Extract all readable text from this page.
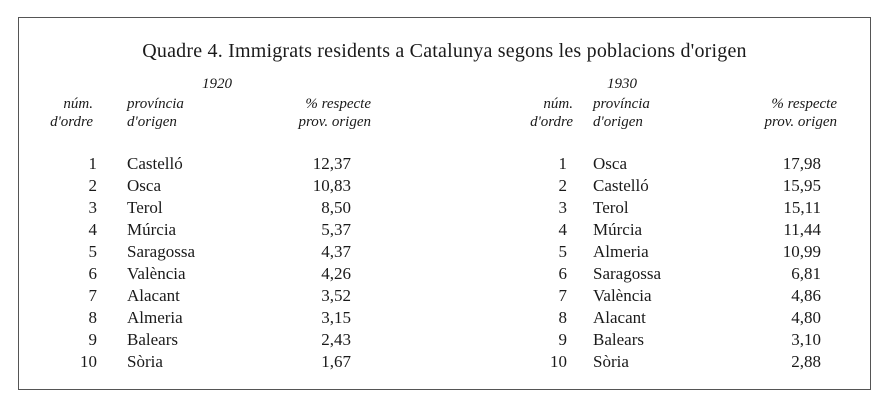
Quadre 4. Immigrats residents a Catalunya segons les poblacions d'origen
1920
núm.
d'ordre
província
d'origen
% respecte
prov. origen
1 Castelló	12,37
2 Osca	10,83
3 Terol	8,50
4 Múrcia	5,37
5 Saragossa	4,37
6 València	4,26
7 Alacant	3,52
8 Almeria	3,15
9 Balears	2,43
10 Sòria	1,67
1930
núm.
d'ordre
província
d'origen
% respecte
prov. origen
1 Osca	17,98
2 Castelló	15,95
3 Terol	15,11
4 Múrcia	11,44
5 Almeria	10,99
6 Saragossa	6,81
7 València	4,86
8 Alacant	4,80
9 Balears	3,10
10 Sòria	2,88
